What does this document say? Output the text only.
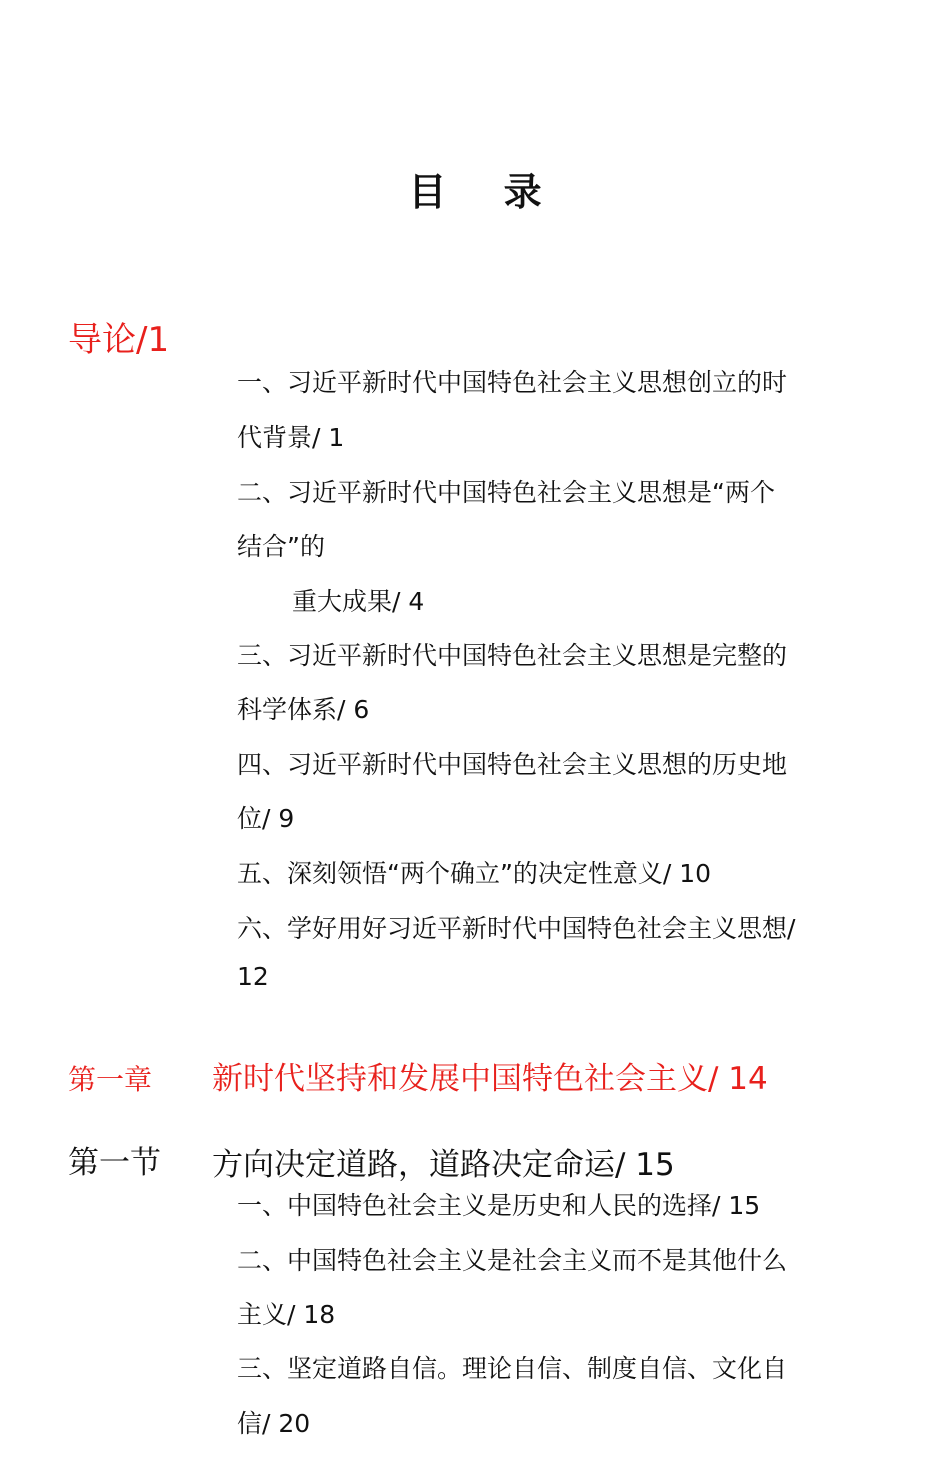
目 录
导论/1
一、习近平新时代中国特色社会主义思想创立的时
代背景/ 1
二、习近平新时代中国特色社会主义思想是“两个
结合”的
重大成果/ 4
三、习近平新时代中国特色社会主义思想是完整的
科学体系/ 6
四、习近平新时代中国特色社会主义思想的历史地
位/ 9
五、深刻领悟“两个确立”的决定性意义/ 10
六、学好用好习近平新时代中国特色社会主义思想/
12
第一章 新时代坚持和发展中国特色社会主义/ 14
第一节 方向决定道路，道路决定命运/ 15
一、中国特色社会主义是历史和人民的选择/ 15
二、中国特色社会主义是社会主义而不是其他什么
主义/ 18
三、坚定道路自信。理论自信、制度自信、文化自
信/ 20
